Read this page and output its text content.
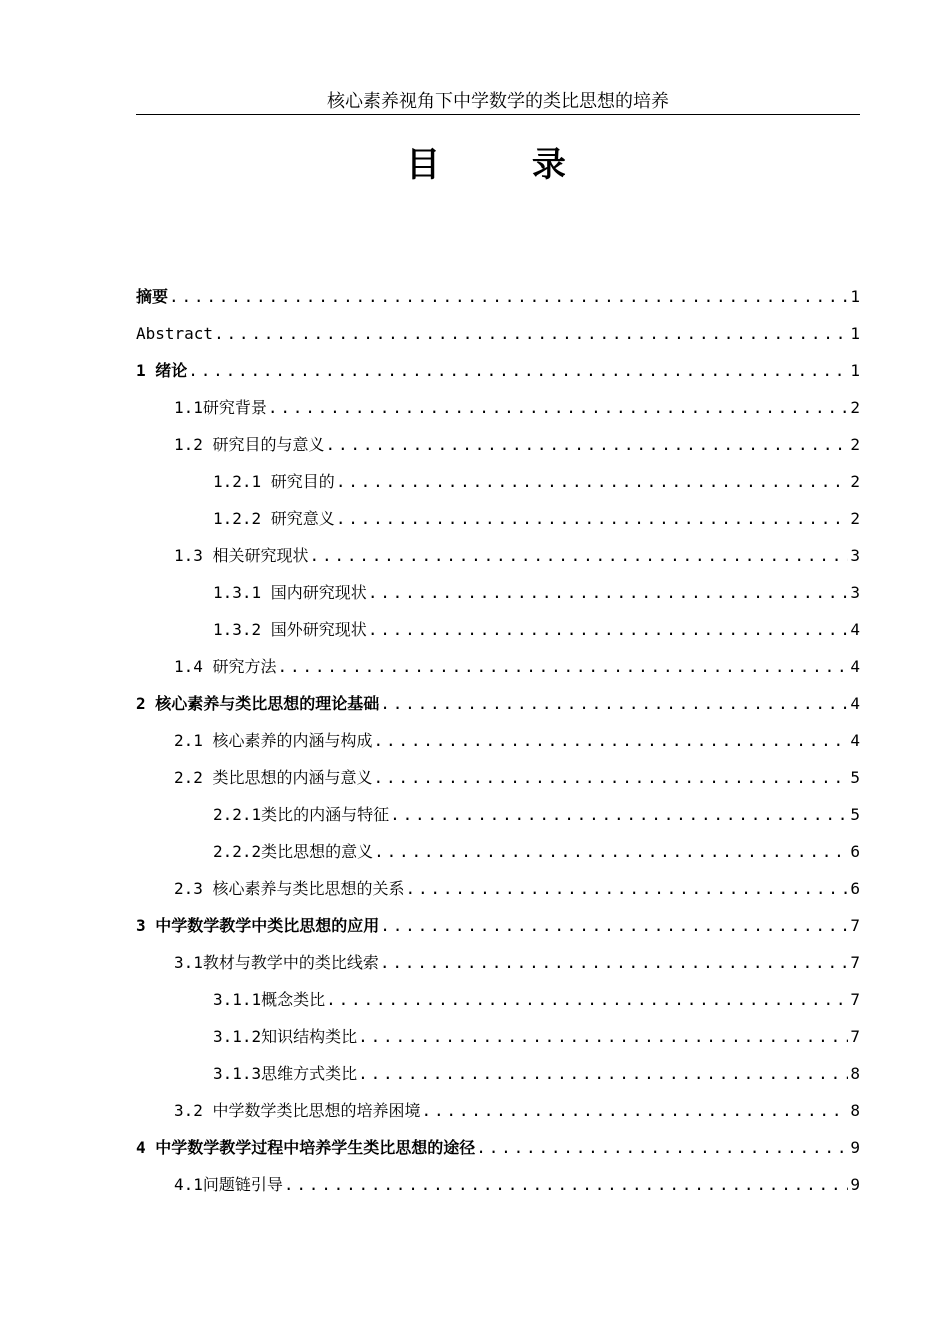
核心素养视角下中学数学的类比思想的培养
目 录
摘要 .....	1
Abstract .....	1
1 绪论 .....	1
1.1研究背景 .....	2
1.2 研究目的与意义 .....	2
1.2.1 研究目的 .....	2
1.2.2 研究意义 .....	2
1.3 相关研究现状 .....	3
1.3.1 国内研究现状 .....	3
1.3.2 国外研究现状 .....	4
1.4 研究方法 .....	4
2 核心素养与类比思想的理论基础 .....	4
2.1 核心素养的内涵与构成 .....	4
2.2 类比思想的内涵与意义 .....	5
2.2.1类比的内涵与特征 .....	5
2.2.2类比思想的意义 .....	6
2.3 核心素养与类比思想的关系 .....	6
3 中学数学教学中类比思想的应用 .....	7
3.1教材与教学中的类比线索 .....	7
3.1.1概念类比 .....	7
3.1.2知识结构类比 .....	7
3.1.3思维方式类比 .....	8
3.2 中学数学类比思想的培养困境 .....	8
4 中学数学教学过程中培养学生类比思想的途径 .....	9
4.1问题链引导 .....	9
